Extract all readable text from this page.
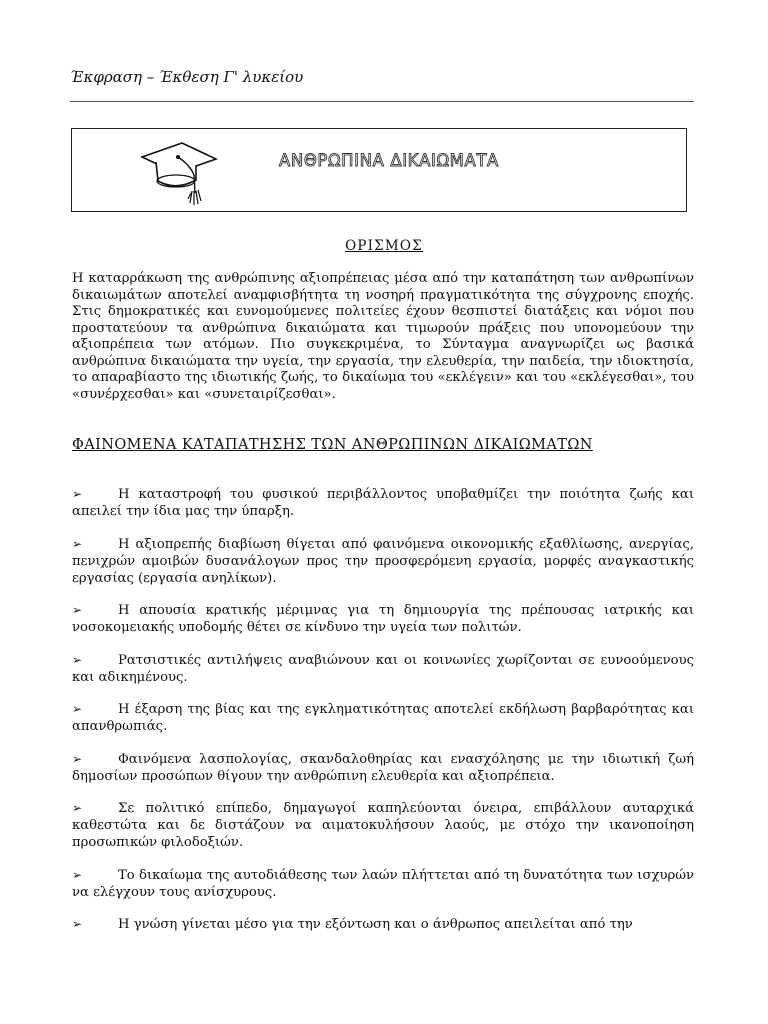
Έκφραση – Έκθεση Γ' λυκείου
ΑΝΘΡΩΠΙΝΑ ΔΙΚΑΙΩΜΑΤΑ
ΟΡΙΣΜΟΣ
Η καταρράκωση της ανθρώπινης αξιοπρέπειας μέσα από την καταπάτηση των ανθρωπίνων δικαιωμάτων αποτελεί αναμφισβήτητα τη νοσηρή πραγματικότητα της σύγχρονης εποχής. Στις δημοκρατικές και ευνομούμενες πολιτείες έχουν θεσπιστεί διατάξεις και νόμοι που προστατεύουν τα ανθρώπινα δικαιώματα και τιμωρούν πράξεις που υπονομεύουν την αξιοπρέπεια των ατόμων. Πιο συγκεκριμένα, το Σύνταγμα αναγνωρίζει ως βασικά ανθρώπινα δικαιώματα την υγεία, την εργασία, την ελευθερία, την παιδεία, την ιδιοκτησία, το απαραβίαστο της ιδιωτικής ζωής, το δικαίωμα του «εκλέγειν» και του «εκλέγεσθαι», του «συνέρχεσθαι» και «συνεταιρίζεσθαι».
ΦΑΙΝΟΜΕΝΑ ΚΑΤΑΠΑΤΗΣΗΣ ΤΩΝ ΑΝΘΡΩΠΙΝΩΝ ΔΙΚΑΙΩΜΑΤΩΝ

➢	Η καταστροφή του φυσικού περιβάλλοντος υποβαθμίζει την ποιότητα ζωής και απειλεί την ίδια μας την ύπαρξη.

➢	Η αξιοπρεπής διαβίωση θίγεται από φαινόμενα οικονομικής εξαθλίωσης, ανεργίας, πενιχρών αμοιβών δυσανάλογων προς την προσφερόμενη εργασία, μορφές αναγκαστικής εργασίας (εργασία ανηλίκων).

➢	Η απουσία κρατικής μέριμνας για τη δημιουργία της πρέπουσας ιατρικής και νοσοκομειακής υποδομής θέτει σε κίνδυνο την υγεία των πολιτών.

➢	Ρατσιστικές αντιλήψεις αναβιώνουν και οι κοινωνίες χωρίζονται σε ευνοούμενους και αδικημένους.

➢	Η έξαρση της βίας και της εγκληματικότητας αποτελεί εκδήλωση βαρβαρότητας και απανθρωπιάς.

➢	Φαινόμενα λασπολογίας, σκανδαλοθηρίας και ενασχόλησης με την ιδιωτική ζωή δημοσίων προσώπων θίγουν την ανθρώπινη ελευθερία και αξιοπρέπεια.

➢	Σε πολιτικό επίπεδο, δημαγωγοί καπηλεύονται όνειρα, επιβάλλουν αυταρχικά καθεστώτα και δε διστάζουν να αιματοκυλήσουν λαούς, με στόχο την ικανοποίηση προσωπικών φιλοδοξιών.

➢	Το δικαίωμα της αυτοδιάθεσης των λαών πλήττεται από τη δυνατότητα των ισχυρών να ελέγχουν τους ανίσχυρους.

➢	Η γνώση γίνεται μέσο για την εξόντωση και ο άνθρωπος απειλείται από την
